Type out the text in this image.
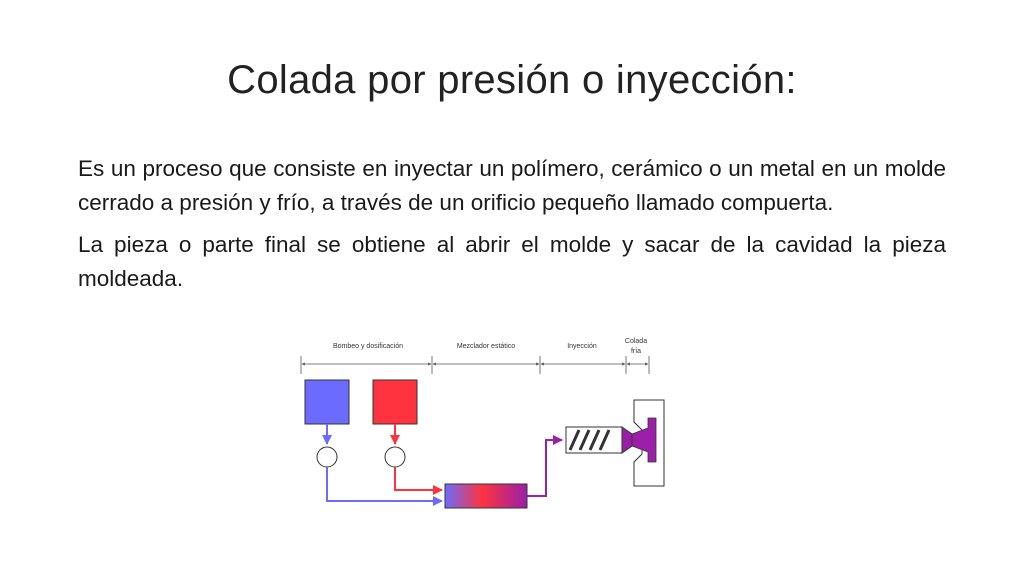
Colada por presión o inyección:

Es un proceso que consiste en inyectar un polímero, cerámico o un metal en un molde cerrado a presión y frío, a través de un orificio pequeño llamado compuerta.

La pieza o parte final se obtiene al abrir el molde y sacar de la cavidad la pieza moldeada.

Bombeo y dosificación	Mezclador estático	Inyección
Colada
fría
